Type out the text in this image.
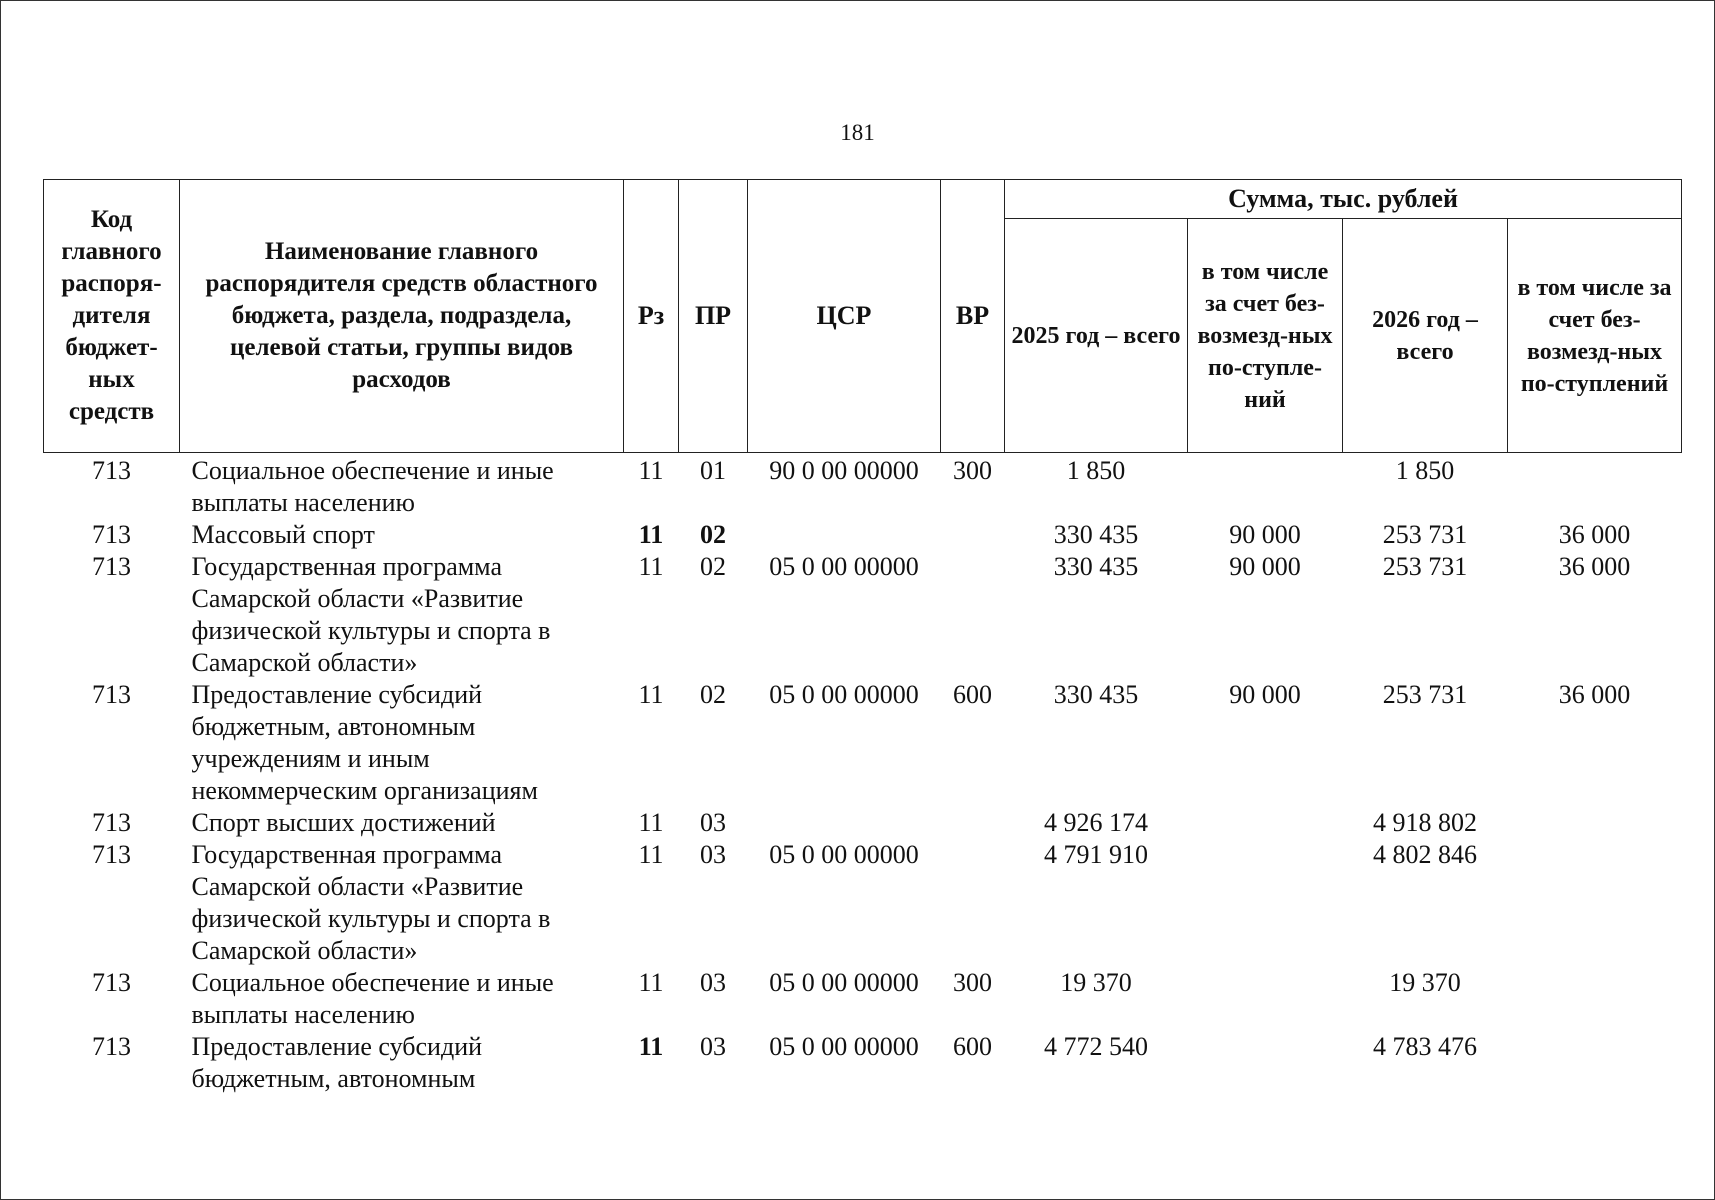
181
Код главного распоря-дителя бюджет-ных средств	Наименование главного распорядителя средств областного бюджета, раздела, подраздела, целевой статьи, группы видов расходов	Рз	ПР	ЦСР	ВР	Сумма, тыс. рублей			
						2025 год – всего	в том числе за счет без-возмезд-ных по-ступле-ний	2026 год – всего	в том числе за счет без-возмезд-ных по-ступлений
713	Социальное обеспечение и иные выплаты населению	11	01	90 0 00 00000	300	1 850		1 850	
713	Массовый спорт	11	02			330 435	90 000	253 731	36 000
713	Государственная программа Самарской области «Развитие физической культуры и спорта в Самарской области»	11	02	05 0 00 00000		330 435	90 000	253 731	36 000
713	Предоставление субсидий бюджетным, автономным учреждениям и иным некоммерческим организациям	11	02	05 0 00 00000	600	330 435	90 000	253 731	36 000
713	Спорт высших достижений	11	03			4 926 174		4 918 802	
713	Государственная программа Самарской области «Развитие физической культуры и спорта в Самарской области»	11	03	05 0 00 00000		4 791 910		4 802 846	
713	Социальное обеспечение и иные выплаты населению	11	03	05 0 00 00000	300	19 370		19 370	
713	Предоставление субсидий бюджетным, автономным	11	03	05 0 00 00000	600	4 772 540		4 783 476	
